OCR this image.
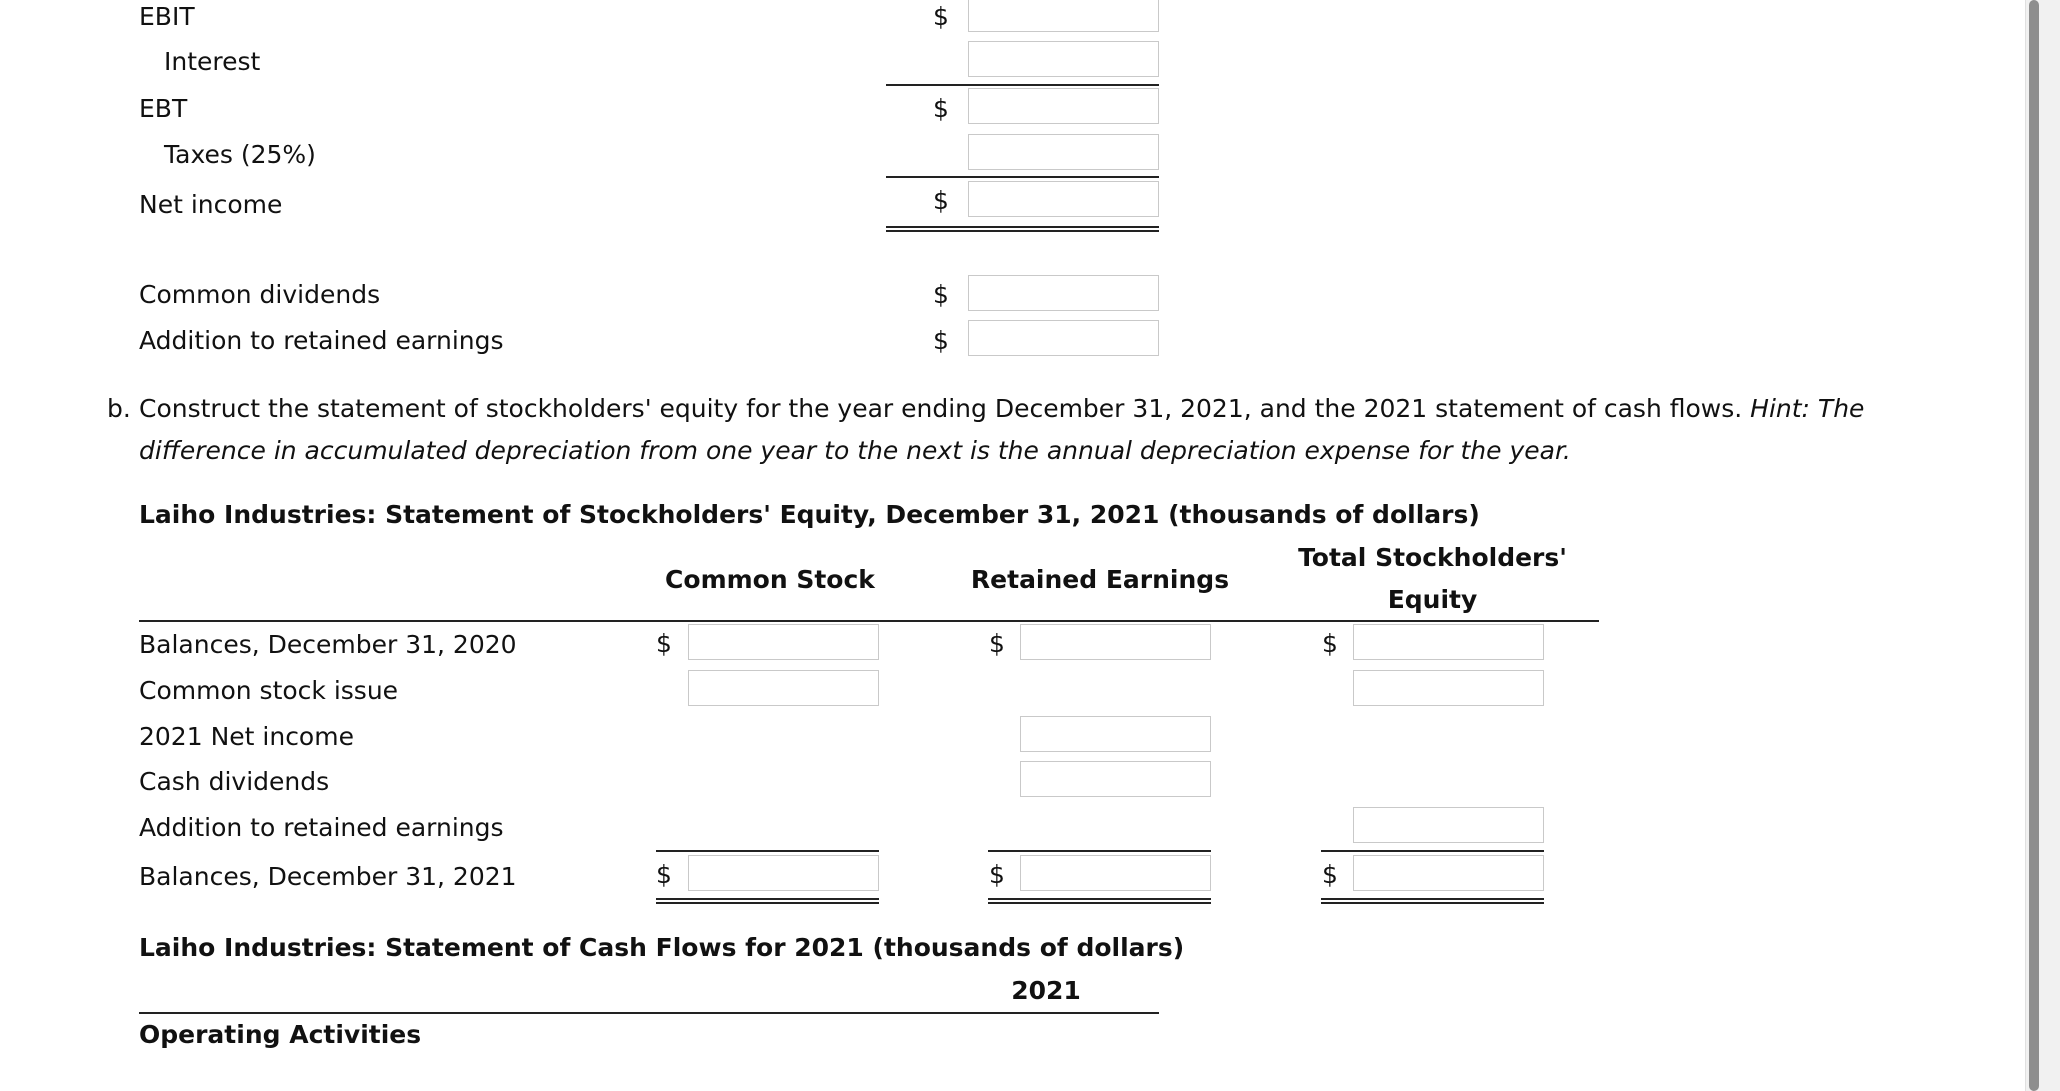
EBIT	$
Interest
EBT	$
Taxes (25%)
Net income	$
Common dividends	$
Addition to retained earnings	$
b. Construct the statement of stockholders' equity for the year ending December 31, 2021, and the 2021 statement of cash flows. Hint: The difference in accumulated depreciation from one year to the next is the annual depreciation expense for the year.
Laiho Industries: Statement of Stockholders' Equity, December 31, 2021 (thousands of dollars)
Common Stock	Retained Earnings
Total Stockholders' Equity
Balances, December 31, 2020	$	$	$
Common stock issue
2021 Net income
Cash dividends
Addition to retained earnings
Balances, December 31, 2021	$	$	$
Laiho Industries: Statement of Cash Flows for 2021 (thousands of dollars)
2021
Operating Activities
